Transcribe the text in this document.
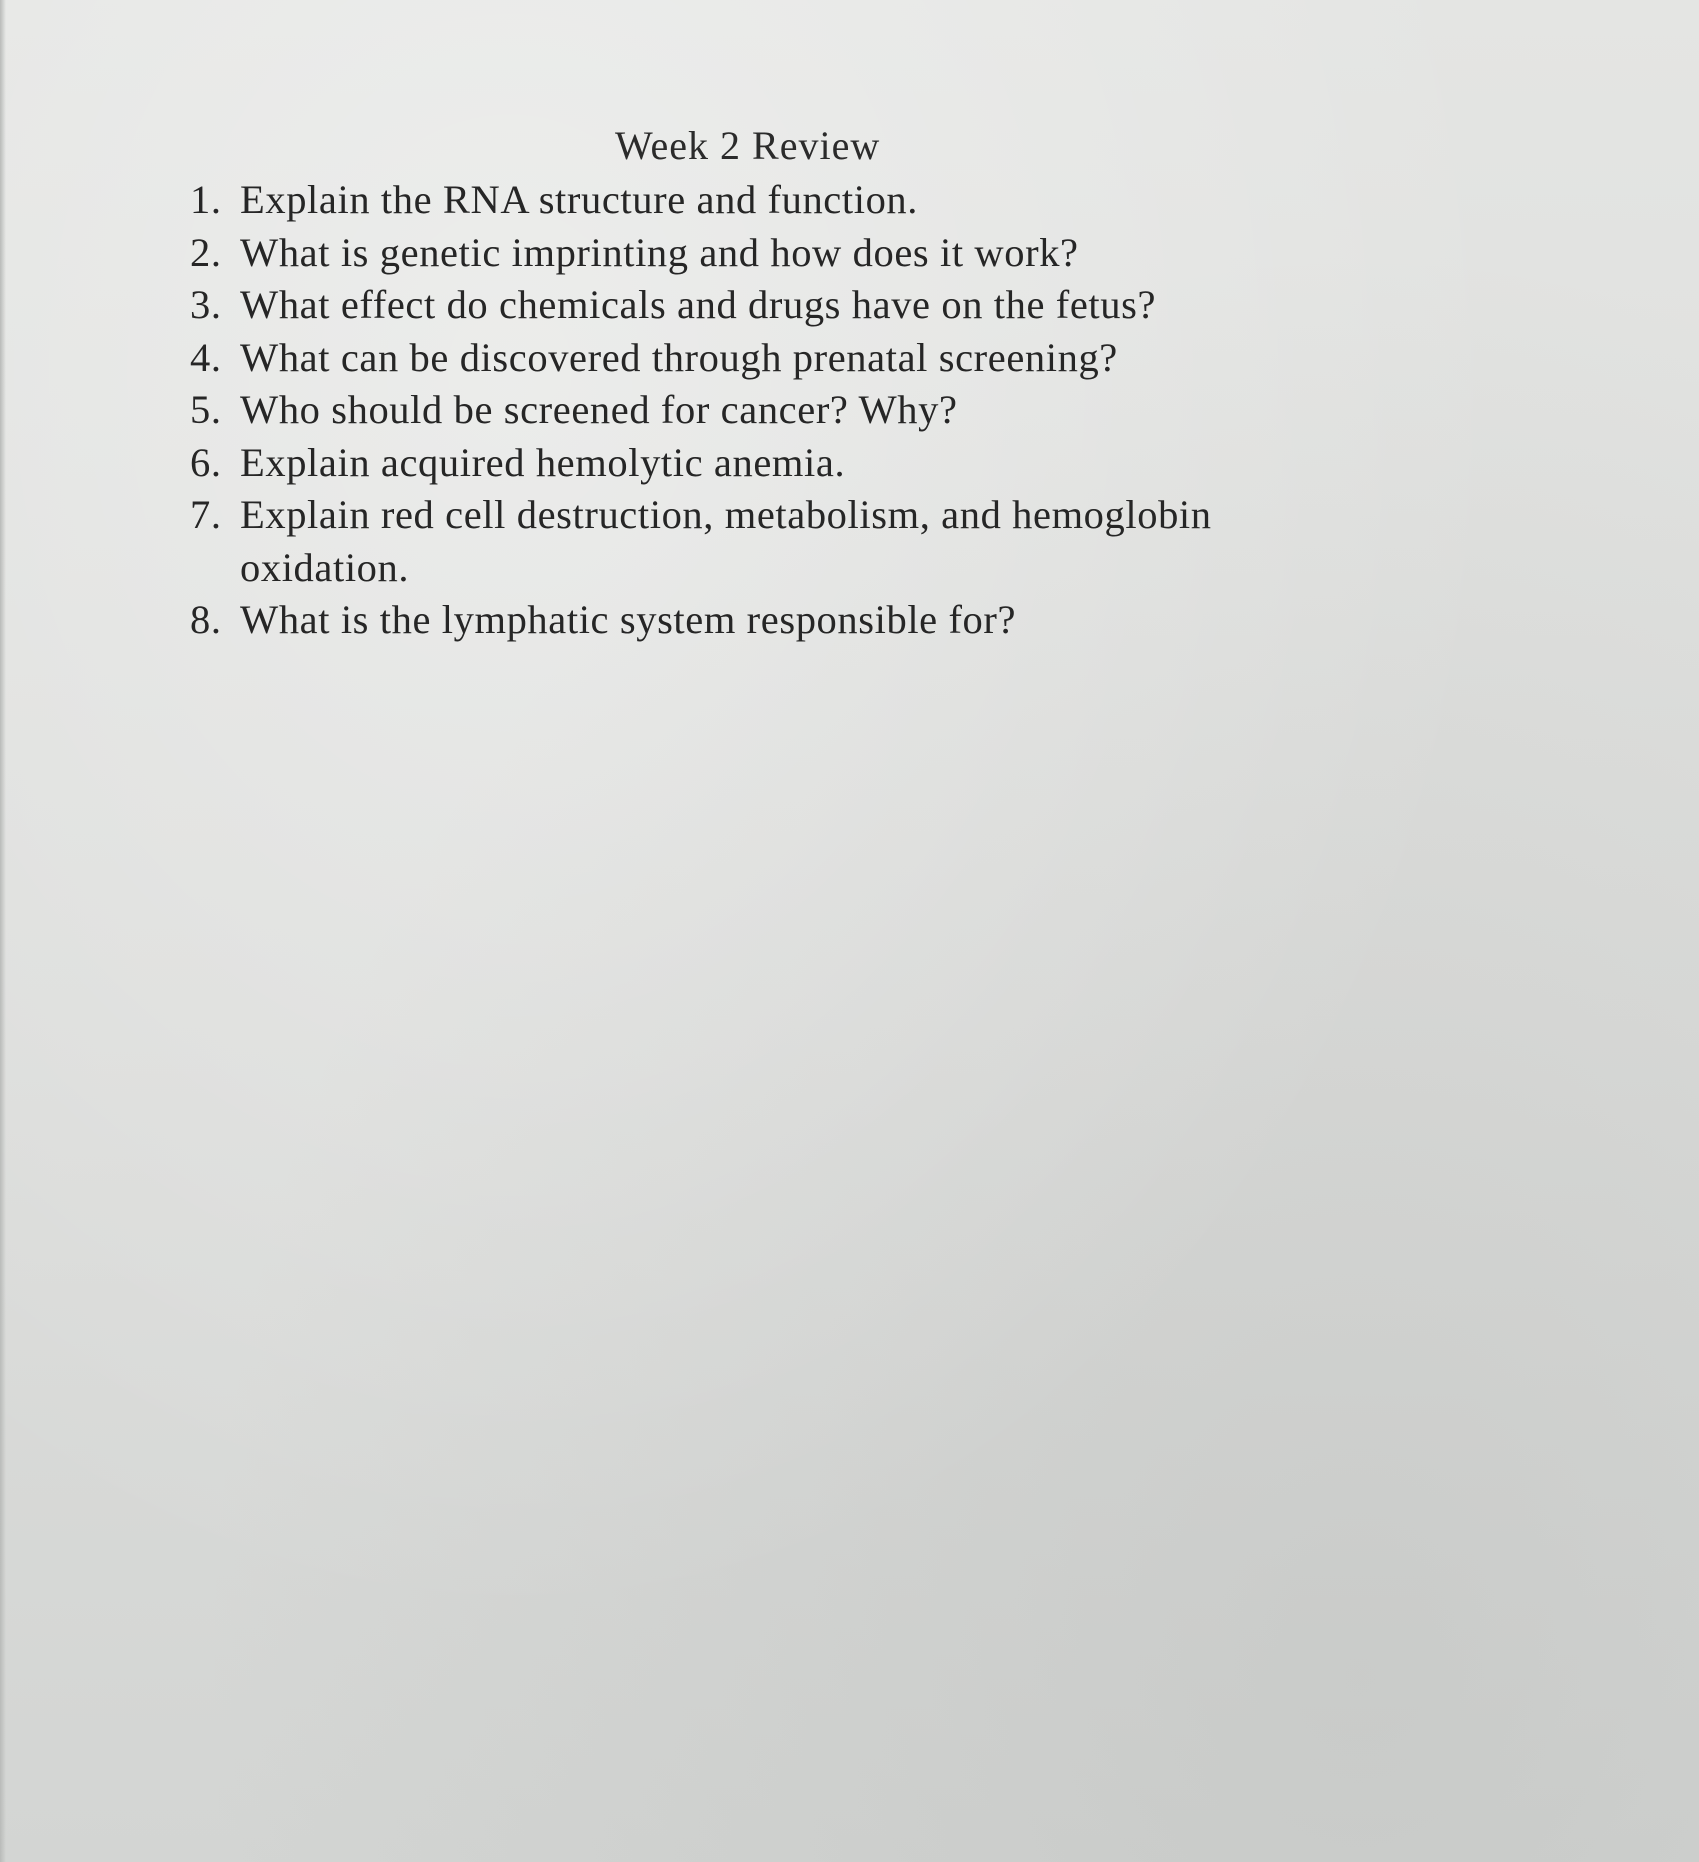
Week 2 Review
1. Explain the RNA structure and function.
2. What is genetic imprinting and how does it work?
3. What effect do chemicals and drugs have on the fetus?
4. What can be discovered through prenatal screening?
5. Who should be screened for cancer? Why?
6. Explain acquired hemolytic anemia.
7. Explain red cell destruction, metabolism, and hemoglobin
oxidation.
8. What is the lymphatic system responsible for?
